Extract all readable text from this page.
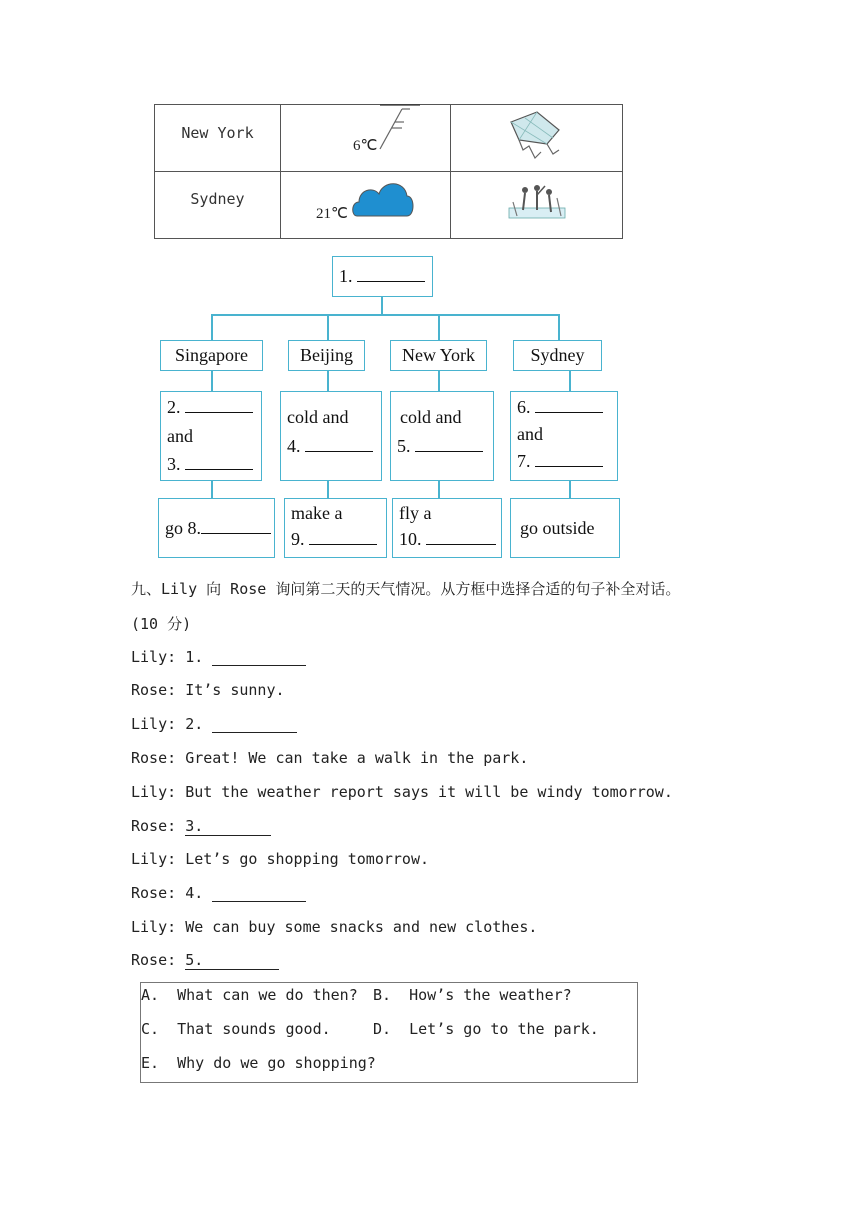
New York	6℃

Sydney	21℃

1.
Singapore	Beijing	New York	Sydney
2.
and
3.
cold and
4.
cold and
5.
6.
and
7.
go 8.
make a
9.
fly a
10.
go outside
九、Lily 向 Rose 询问第二天的天气情况。从方框中选择合适的句子补全对话。
(10 分)
Lily: 1.
Rose: It’s sunny.
Lily: 2.
Rose: Great! We can take a walk in the park.
Lily: But the weather report says it will be windy tomorrow.
Rose: 3.
Lily: Let’s go shopping tomorrow.
Rose: 4.
Lily: We can buy some snacks and new clothes.
Rose: 5.
A.  What can we do then? B.  How’s the weather?
C.  That sounds good.	D.  Let’s go to the park.
E.  Why do we go shopping?
